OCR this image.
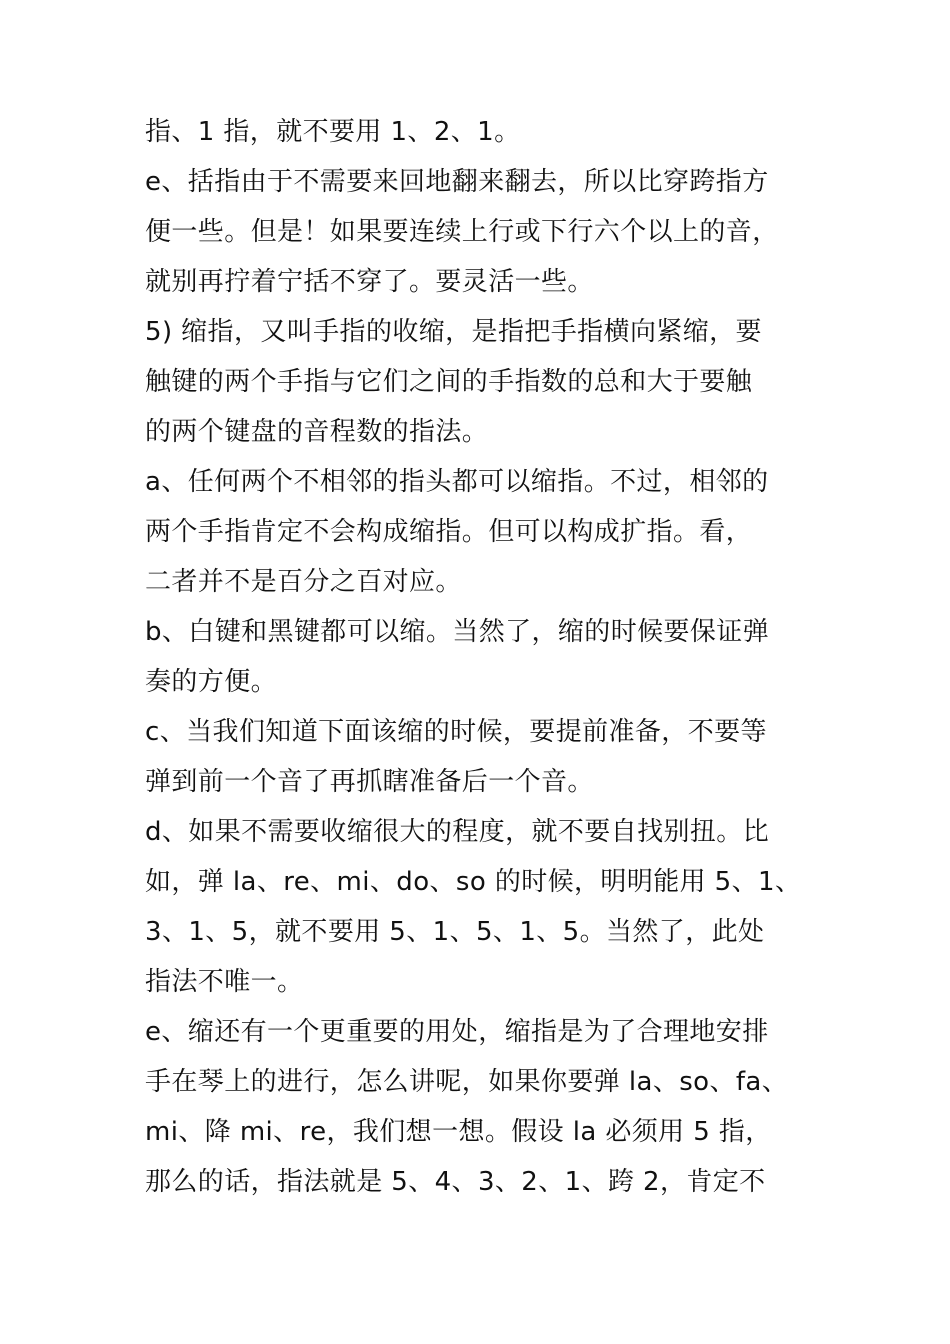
指、1 指，就不要用 1、2、1。
e、括指由于不需要来回地翻来翻去，所以比穿跨指方
便一些。但是！如果要连续上行或下行六个以上的音，
就别再拧着宁括不穿了。要灵活一些。
5) 缩指，又叫手指的收缩，是指把手指横向紧缩，要
触键的两个手指与它们之间的手指数的总和大于要触
的两个键盘的音程数的指法。
a、任何两个不相邻的指头都可以缩指。不过，相邻的
两个手指肯定不会构成缩指。但可以构成扩指。看，
二者并不是百分之百对应。
b、白键和黑键都可以缩。当然了，缩的时候要保证弹
奏的方便。
c、当我们知道下面该缩的时候，要提前准备，不要等
弹到前一个音了再抓瞎准备后一个音。
d、如果不需要收缩很大的程度，就不要自找别扭。比
如，弹 la、re、mi、do、so 的时候，明明能用 5、1、
3、1、5，就不要用 5、1、5、1、5。当然了，此处
指法不唯一。
e、缩还有一个更重要的用处，缩指是为了合理地安排
手在琴上的进行，怎么讲呢，如果你要弹 la、so、fa、
mi、降 mi、re，我们想一想。假设 la 必须用 5 指，
那么的话，指法就是 5、4、3、2、1、跨 2，肯定不
